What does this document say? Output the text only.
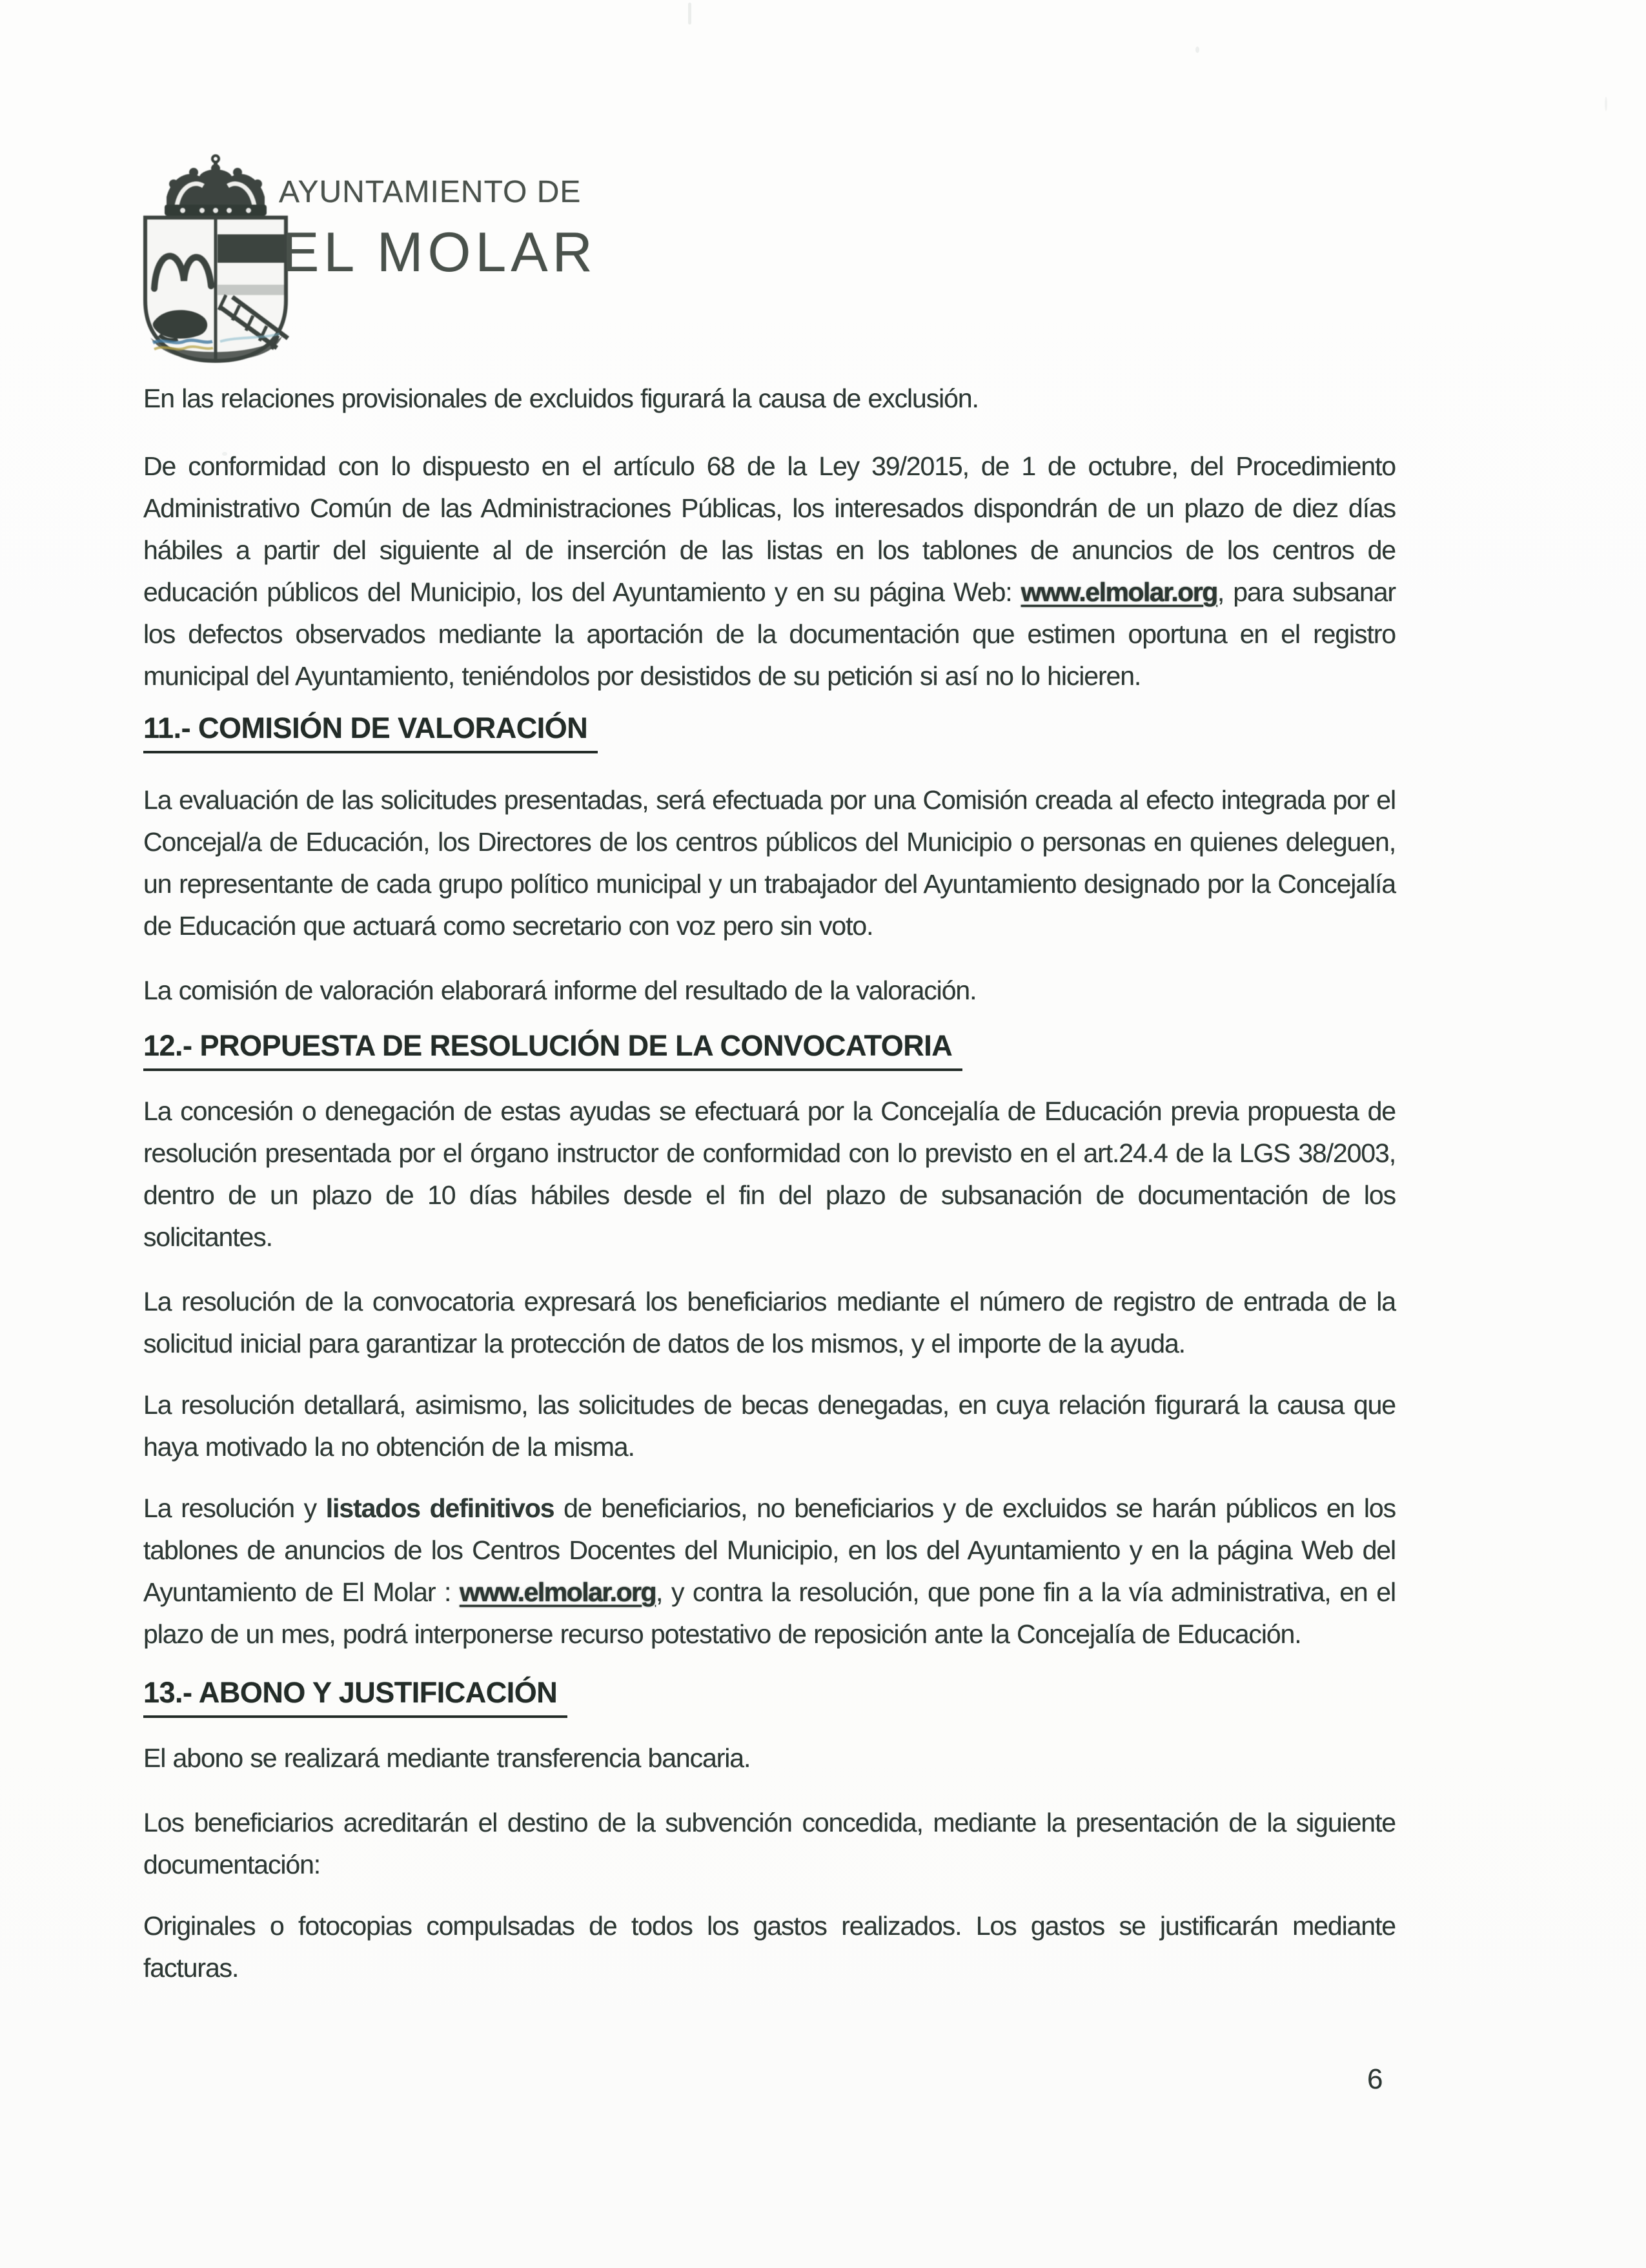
AYUNTAMIENTO DE
EL MOLAR

En las relaciones provisionales de excluidos figurará la causa de exclusión.

De conformidad con lo dispuesto en el artículo 68 de la Ley 39/2015, de 1 de octubre, del Procedimiento Administrativo Común de las Administraciones Públicas, los interesados dispondrán de un plazo de diez días hábiles a partir del siguiente al de inserción de las listas en los tablones de anuncios de los centros de educación públicos del Municipio, los del Ayuntamiento y en su página Web: www.elmolar.org, para subsanar los defectos observados mediante la aportación de la documentación que estimen oportuna en el registro municipal del Ayuntamiento, teniéndolos por desistidos de su petición si así no lo hicieren.

11.- COMISIÓN DE VALORACIÓN

La evaluación de las solicitudes presentadas, será efectuada por una Comisión creada al efecto integrada por el Concejal/a de Educación, los Directores de los centros públicos del Municipio o personas en quienes deleguen, un representante de cada grupo político municipal y un trabajador del Ayuntamiento designado por la Concejalía de Educación que actuará como secretario con voz pero sin voto.

La comisión de valoración elaborará informe del resultado de la valoración.

12.- PROPUESTA DE RESOLUCIÓN DE LA CONVOCATORIA

La concesión o denegación de estas ayudas se efectuará por la Concejalía de Educación previa propuesta de resolución presentada por el órgano instructor de conformidad con lo previsto en el art.24.4 de la LGS 38/2003, dentro de un plazo de 10 días hábiles desde el fin del plazo de subsanación de documentación de los solicitantes.

La resolución de la convocatoria expresará los beneficiarios mediante el número de registro de entrada de la solicitud inicial para garantizar la protección de datos de los mismos, y el importe de la ayuda.

La resolución detallará, asimismo, las solicitudes de becas denegadas, en cuya relación figurará la causa que haya motivado la no obtención de la misma.

La resolución y listados definitivos de beneficiarios, no beneficiarios y de excluidos se harán públicos en los tablones de anuncios de los Centros Docentes del Municipio, en los del Ayuntamiento y en la página Web del Ayuntamiento de El Molar : www.elmolar.org, y contra la resolución, que pone fin a la vía administrativa, en el plazo de un mes, podrá interponerse recurso potestativo de reposición ante la Concejalía de Educación.

13.- ABONO Y JUSTIFICACIÓN

El abono se realizará mediante transferencia bancaria.

Los beneficiarios acreditarán el destino de la subvención concedida, mediante la presentación de la siguiente documentación:

Originales o fotocopias compulsadas de todos los gastos realizados. Los gastos se justificarán mediante facturas.

6
